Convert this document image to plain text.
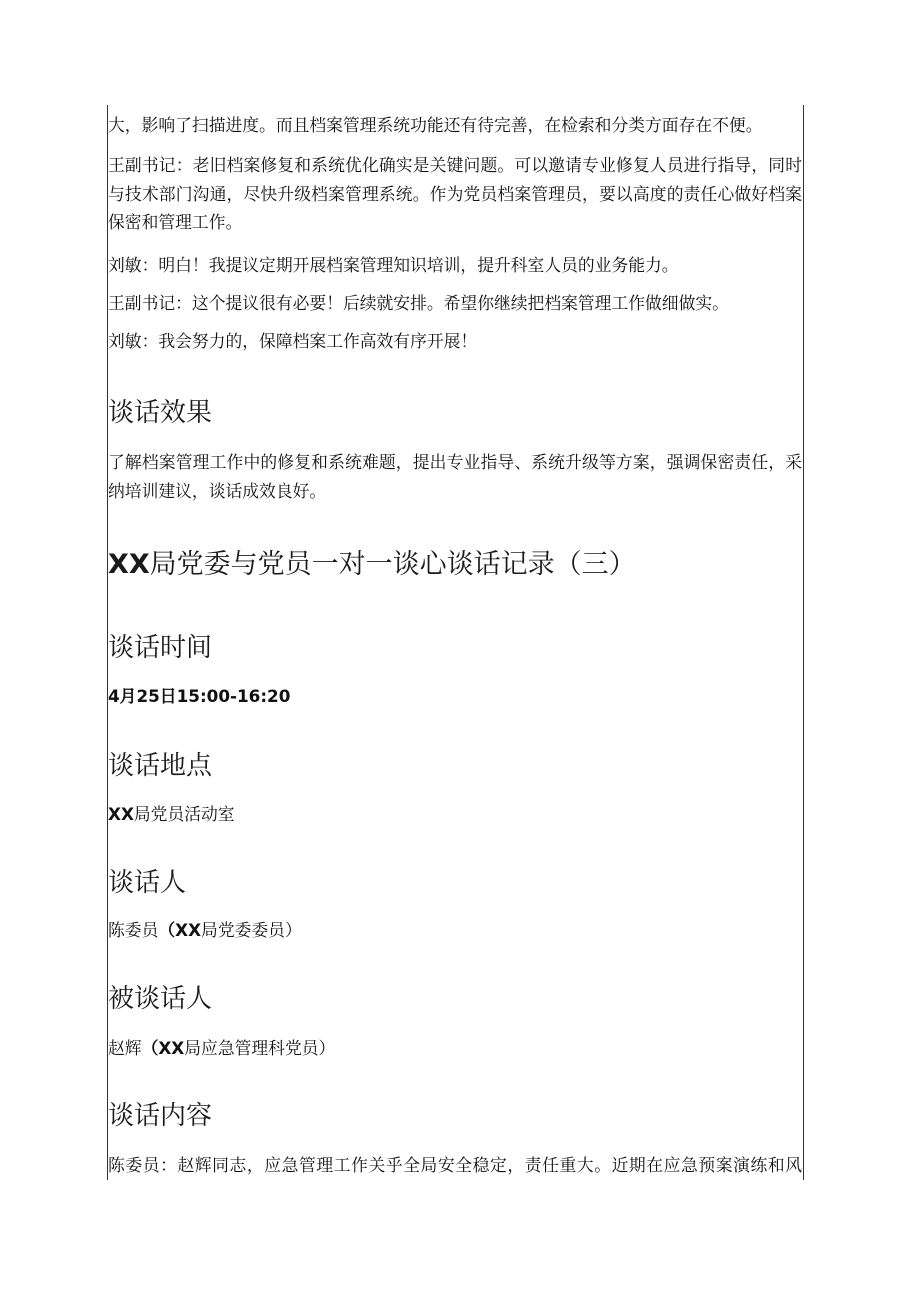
大，影响了扫描进度。而且档案管理系统功能还有待完善，在检索和分类方面存在不便。
王副书记：老旧档案修复和系统优化确实是关键问题。可以邀请专业修复人员进行指导，同时
与技术部门沟通，尽快升级档案管理系统。作为党员档案管理员，要以高度的责任心做好档案
保密和管理工作。
刘敏：明白！我提议定期开展档案管理知识培训，提升科室人员的业务能力。
王副书记：这个提议很有必要！后续就安排。希望你继续把档案管理工作做细做实。
刘敏：我会努力的，保障档案工作高效有序开展！
谈话效果
了解档案管理工作中的修复和系统难题，提出专业指导、系统升级等方案，强调保密责任，采
纳培训建议，谈话成效良好。
XX局党委与党员一对一谈心谈话记录（三）
谈话时间
4月25日15:00-16:20
谈话地点
XX局党员活动室
谈话人
陈委员（XX局党委委员）
被谈话人
赵辉（XX局应急管理科党员）
谈话内容
陈委员：赵辉同志，应急管理工作关乎全局安全稳定，责任重大。近期在应急预案演练和风
